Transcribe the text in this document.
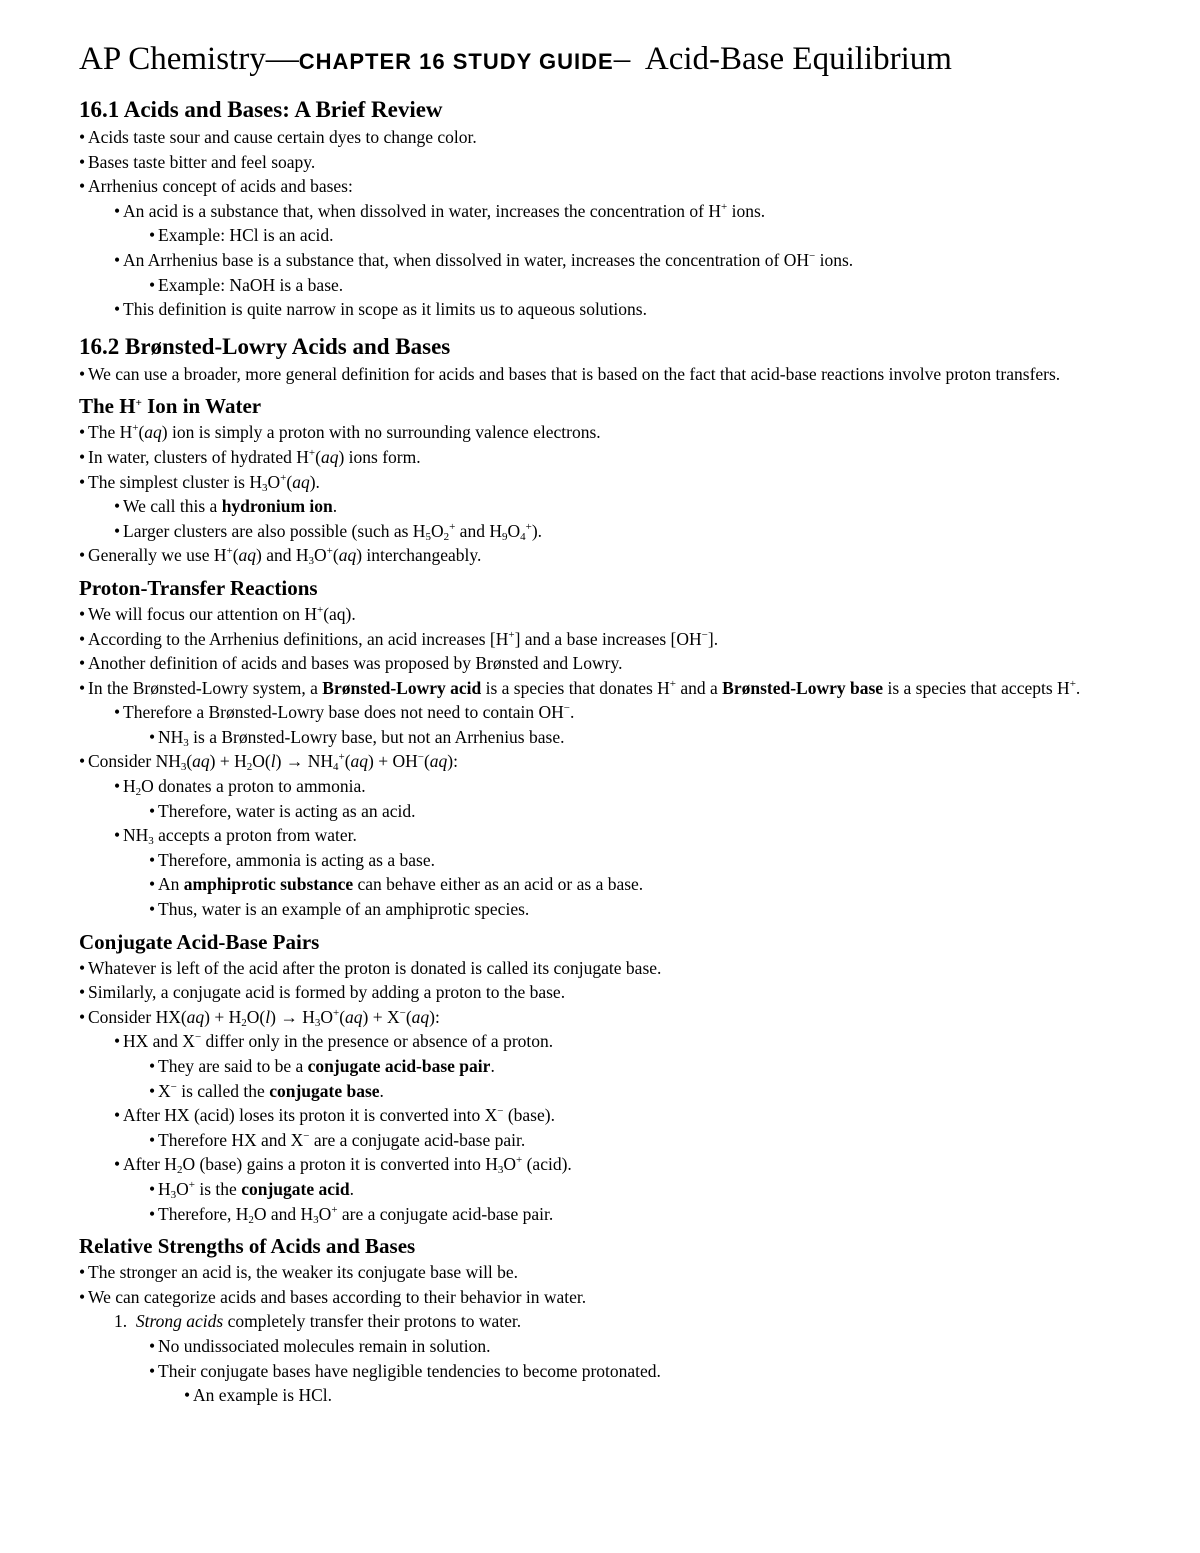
AP Chemistry—CHAPTER 16 STUDY GUIDE– Acid-Base Equilibrium
16.1 Acids and Bases: A Brief Review

• Acids taste sour and cause certain dyes to change color.

• Bases taste bitter and feel soapy.

• Arrhenius concept of acids and bases:

• An acid is a substance that, when dissolved in water, increases the concentration of H+ ions.

• Example: HCl is an acid.

• An Arrhenius base is a substance that, when dissolved in water, increases the concentration of OH− ions.

• Example: NaOH is a base.

• This definition is quite narrow in scope as it limits us to aqueous solutions.

16.2 Brønsted-Lowry Acids and Bases

• We can use a broader, more general definition for acids and bases that is based on the fact that acid-base reactions involve proton transfers.

The H+ Ion in Water

• The H+(aq) ion is simply a proton with no surrounding valence electrons.

• In water, clusters of hydrated H+(aq) ions form.

• The simplest cluster is $H_3O^+(aq)$.

• We call this a hydronium ion.

• Larger clusters are also possible (such as $H_5O_2^+$ and $H_9O_4^+$).

• Generally we use H+(aq) and $H_3O^+(aq)$ interchangeably.

Proton-Transfer Reactions

• We will focus our attention on H+(aq).

• According to the Arrhenius definitions, an acid increases [H+] and a base increases [OH−].

• Another definition of acids and bases was proposed by Brønsted and Lowry.

• In the Brønsted-Lowry system, a Brønsted-Lowry acid is a species that donates H+ and a Brønsted-Lowry base is a species that accepts H+.

• Therefore a Brønsted-Lowry base does not need to contain OH−.

• $NH_3$ is a Brønsted-Lowry base, but not an Arrhenius base.

• Consider $NH_3(aq) + H_2O(l) \to NH_4^+(aq) + OH^-(aq)$:

• $H_2O$ donates a proton to ammonia.

• Therefore, water is acting as an acid.

• $NH_3$ accepts a proton from water.

• Therefore, ammonia is acting as a base.

• An amphiprotic substance can behave either as an acid or as a base.

• Thus, water is an example of an amphiprotic species.

Conjugate Acid-Base Pairs

• Whatever is left of the acid after the proton is donated is called its conjugate base.

• Similarly, a conjugate acid is formed by adding a proton to the base.

• Consider $HX(aq) + H_2O(l) \to H_3O^+(aq) + X^-(aq)$:

• HX and X− differ only in the presence or absence of a proton.

• They are said to be a conjugate acid-base pair.

• X− is called the conjugate base.

• After HX (acid) loses its proton it is converted into X− (base).

• Therefore HX and X− are a conjugate acid-base pair.

• After $H_2O$ (base) gains a proton it is converted into $H_3O^+$ (acid).

• $H_3O^+$ is the conjugate acid.

• Therefore, $H_2O$ and $H_3O^+$ are a conjugate acid-base pair.

Relative Strengths of Acids and Bases

• The stronger an acid is, the weaker its conjugate base will be.

• We can categorize acids and bases according to their behavior in water.

1. Strong acids completely transfer their protons to water.

• No undissociated molecules remain in solution.

• Their conjugate bases have negligible tendencies to become protonated.

• An example is HCl.
